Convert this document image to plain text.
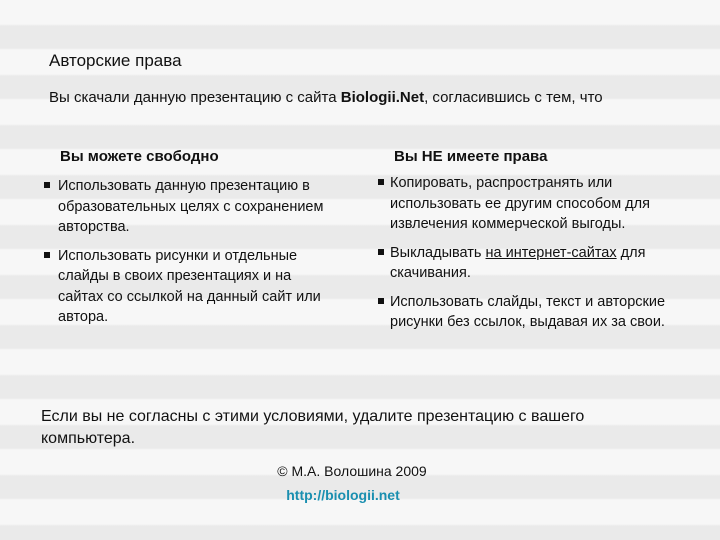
Авторские права
Вы скачали данную презентацию с сайта Biologii.Net, согласившись с тем, что
Вы можете свободно	Вы НЕ имеете права
Использовать данную презентацию в образовательных целях с сохранением авторства.
Использовать рисунки и отдельные слайды в своих презентациях и на сайтах со ссылкой на данный сайт или автора.
Копировать, распространять или использовать ее другим способом для извлечения коммерческой выгоды.
Выкладывать на интернет-сайтах для скачивания.
Использовать слайды, текст и авторские рисунки без ссылок, выдавая их за свои.
Если вы не согласны с этими условиями, удалите презентацию с вашего компьютера.
© М.А. Волошина 2009
http://biologii.net
